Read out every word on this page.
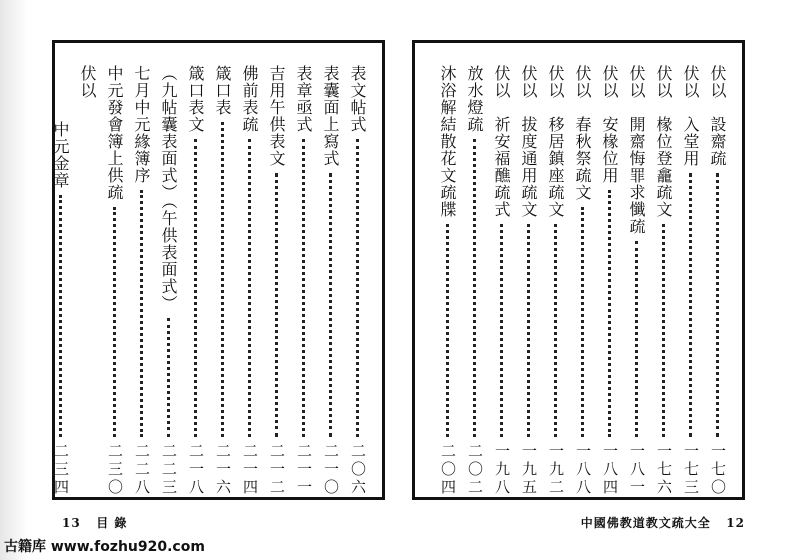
表文帖式
二〇六
表囊面上寫式
二一〇
表章亟式
二一一
吉用午供表文
二一二
佛前表疏
二一四
箴口表
二一六
箴口表文
二一八
（九帖囊表面式）（午供表面式）
二二三
七月中元緣簿序
二二八
中元發會簿上供疏
二三〇
伏以
中元金章
二三四
伏以　設齋疏
一七〇
伏以　入堂用
一七三
伏以　椽位登龕疏文
一七六
伏以　開齋悔罪求懺疏
一八一
伏以　安椽位用
一八四
伏以　春秋祭疏文
一八八
伏以　移居鎮座疏文
一九二
伏以　拔度通用疏文
一九五
伏以　祈安福醮疏式
一九八
放水燈疏
二〇二
沐浴解結散花文疏牒
二〇四
13 目 錄	中國佛教道教文疏大全 12
古籍库 www.fozhu920.com
